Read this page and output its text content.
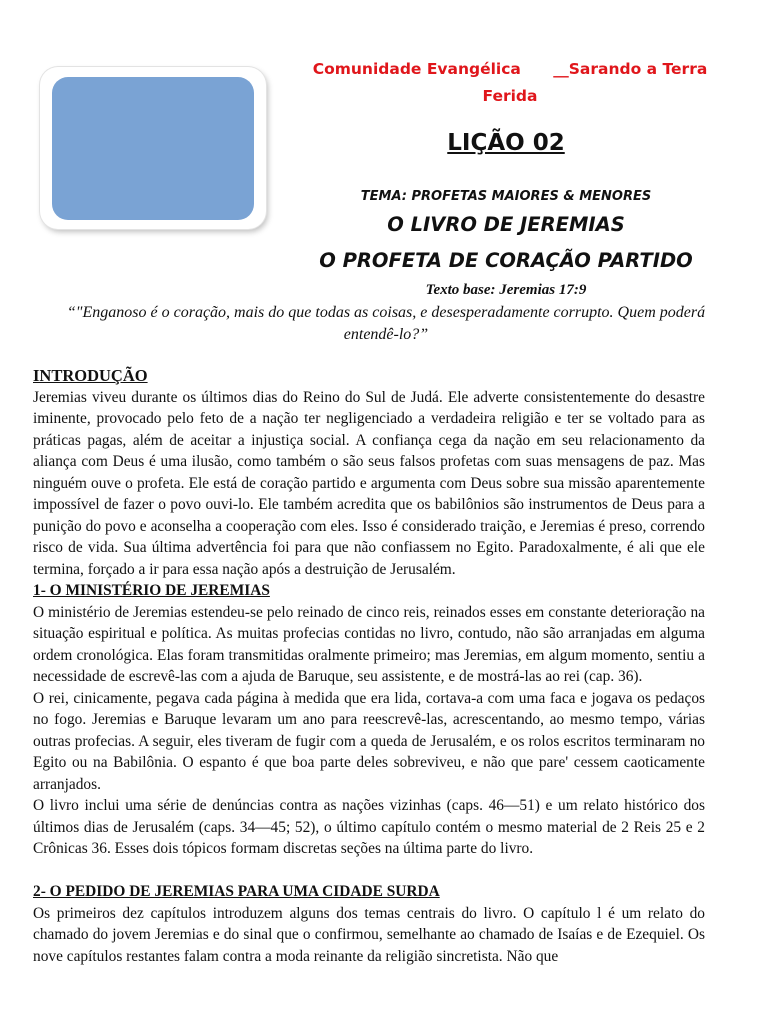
Comunidade Evangélica      __Sarando a Terra
Ferida
LIÇÃO 02
TEMA: PROFETAS MAIORES & MENORES
O LIVRO DE JEREMIAS
O PROFETA DE CORAÇÃO PARTIDO
Texto base: Jeremias 17:9
“"Enganoso é o coração, mais do que todas as coisas, e desesperadamente corrupto. Quem poderá entendê-lo?”
INTRODUÇÃO

Jeremias viveu durante os últimos dias do Reino do Sul de Judá. Ele adverte consistentemente do desastre iminente, provocado pelo feto de a nação ter negligenciado a verdadeira religião e ter se voltado para as práticas pagas, além de aceitar a injustiça social. A confiança cega da nação em seu relacionamento da aliança com Deus é uma ilusão, como também o são seus falsos profetas com suas mensagens de paz. Mas ninguém ouve o profeta. Ele está de coração partido e argumenta com Deus sobre sua missão aparentemente impossível de fazer o povo ouvi-lo. Ele também acredita que os babilônios são instrumentos de Deus para a punição do povo e aconselha a cooperação com eles. Isso é considerado traição, e Jeremias é preso, correndo risco de vida. Sua última advertência foi para que não confiassem no Egito. Paradoxalmente, é ali que ele termina, forçado a ir para essa nação após a destruição de Jerusalém.

1- O MINISTÉRIO DE JEREMIAS

O ministério de Jeremias estendeu-se pelo reinado de cinco reis, reinados esses em constante deterioração na situação espiritual e política. As muitas profecias contidas no livro, contudo, não são arranjadas em alguma ordem cronológica. Elas foram transmitidas oralmente primeiro; mas Jeremias, em algum momento, sentiu a necessidade de escrevê-las com a ajuda de Baruque, seu assistente, e de mostrá-las ao rei (cap. 36).

O rei, cinicamente, pegava cada página à medida que era lida, cortava-a com uma faca e jogava os pedaços no fogo. Jeremias e Baruque levaram um ano para reescrevê-las, acrescentando, ao mesmo tempo, várias outras profecias. A seguir, eles tiveram de fugir com a queda de Jerusalém, e os rolos escritos terminaram no Egito ou na Babilônia. O espanto é que boa parte deles sobreviveu, e não que pare' cessem caoticamente arranjados.

O livro inclui uma série de denúncias contra as nações vizinhas (caps. 46—51) e um relato histórico dos últimos dias de Jerusalém (caps. 34—45; 52), o último capítulo contém o mesmo material de 2 Reis 25 e 2 Crônicas 36. Esses dois tópicos formam discretas seções na última parte do livro.

2- O PEDIDO DE JEREMIAS PARA UMA CIDADE SURDA

Os primeiros dez capítulos introduzem alguns dos temas centrais do livro. O capítulo l é um relato do chamado do jovem Jeremias e do sinal que o confirmou, semelhante ao chamado de Isaías e de Ezequiel. Os nove capítulos restantes falam contra a moda reinante da religião sincretista. Não que
